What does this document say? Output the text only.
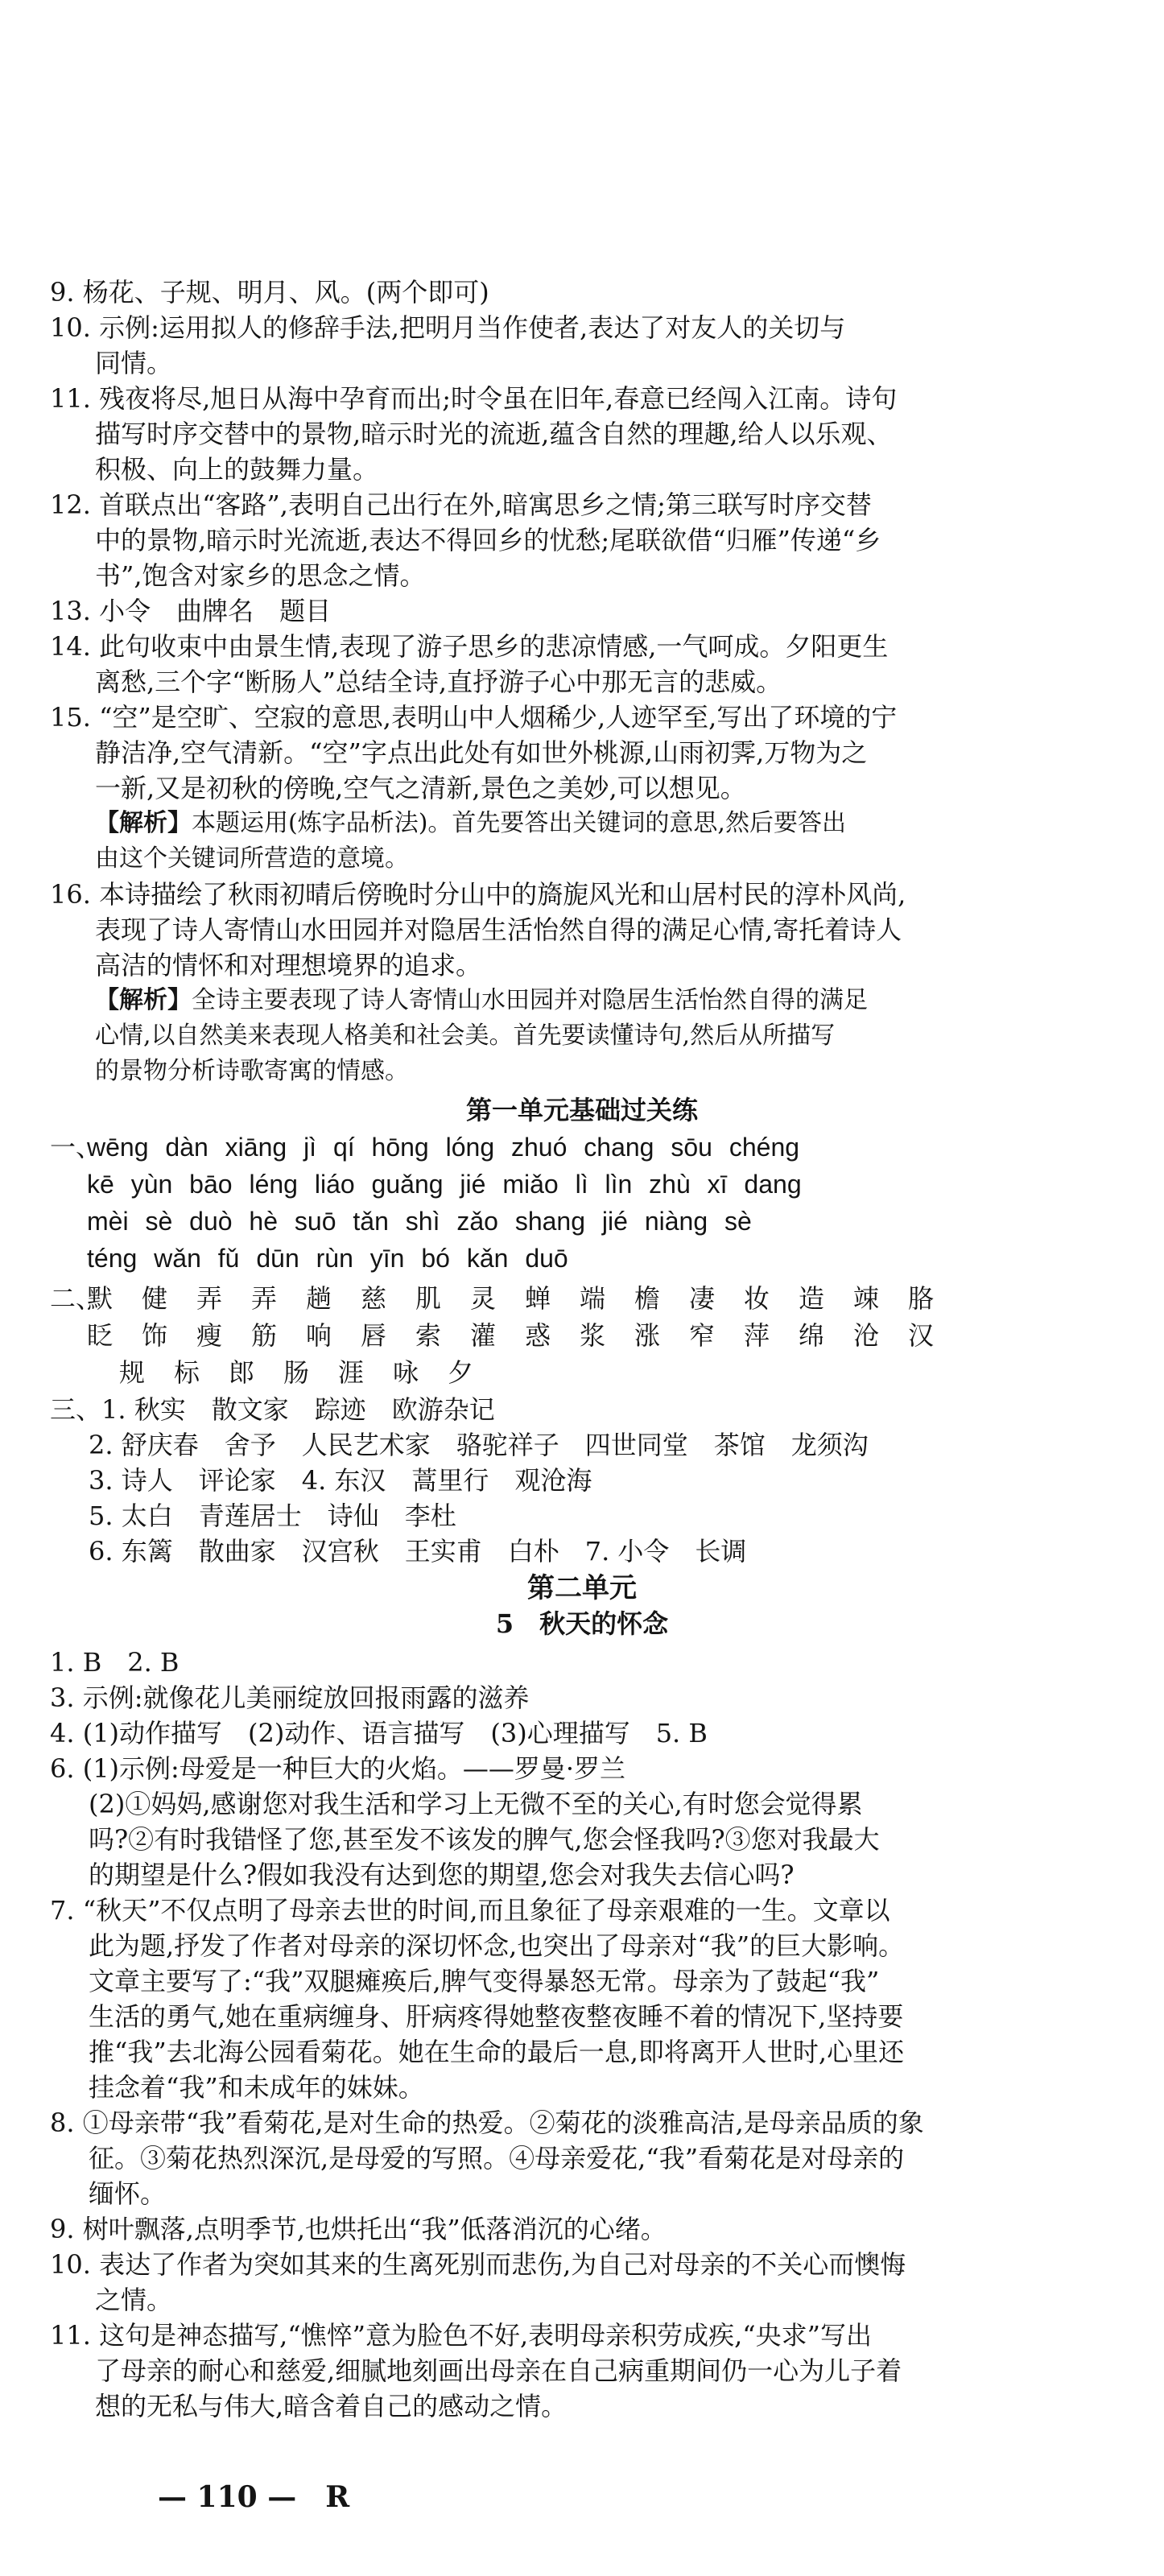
9. 杨花、子规、明月、风。(两个即可)
10. 示例:运用拟人的修辞手法,把明月当作使者,表达了对友人的关切与
同情。
11. 残夜将尽,旭日从海中孕育而出;时令虽在旧年,春意已经闯入江南。诗句
描写时序交替中的景物,暗示时光的流逝,蕴含自然的理趣,给人以乐观、
积极、向上的鼓舞力量。
12. 首联点出“客路”,表明自己出行在外,暗寓思乡之情;第三联写时序交替
中的景物,暗示时光流逝,表达不得回乡的忧愁;尾联欲借“归雁”传递“乡
书”,饱含对家乡的思念之情。
13. 小令　曲牌名　题目
14. 此句收束中由景生情,表现了游子思乡的悲凉情感,一气呵成。夕阳更生
离愁,三个字“断肠人”总结全诗,直抒游子心中那无言的悲威。
15. “空”是空旷、空寂的意思,表明山中人烟稀少,人迹罕至,写出了环境的宁
静洁净,空气清新。“空”字点出此处有如世外桃源,山雨初霁,万物为之
一新,又是初秋的傍晚,空气之清新,景色之美妙,可以想见。
【解析】本题运用(炼字品析法)。首先要答出关键词的意思,然后要答出
由这个关键词所营造的意境。
16. 本诗描绘了秋雨初晴后傍晚时分山中的旖旎风光和山居村民的淳朴风尚,
表现了诗人寄情山水田园并对隐居生活怡然自得的满足心情,寄托着诗人
高洁的情怀和对理想境界的追求。
【解析】全诗主要表现了诗人寄情山水田园并对隐居生活怡然自得的满足
心情,以自然美来表现人格美和社会美。首先要读懂诗句,然后从所描写
的景物分析诗歌寄寓的情感。
第一单元基础过关练
一、
wēng dàn xiāng jì qí hōng lóng zhuó chang sōu chéng
kē yùn bāo léng liáo guǎng jié miǎo lì lìn zhù xī dang
mèi sè duò hè suō tǎn shì zǎo shang jié niàng sè
téng wǎn fǔ dūn rùn yīn bó kǎn duō
二、
默　健　弄　弄　趟　慈　肌　灵　蝉　端　檐　凄　妆　造　竦　胳
眨　饰　瘦　筋　响　唇　索　灌　惑　浆　涨　窄　萍　绵　沧　汉
规　标　郎　肠　涯　咏　夕
三、1. 秋实　散文家　踪迹　欧游杂记
2. 舒庆春　舍予　人民艺术家　骆驼祥子　四世同堂　茶馆　龙须沟
3. 诗人　评论家　4. 东汉　蒿里行　观沧海
5. 太白　青莲居士　诗仙　李杜
6. 东篱　散曲家　汉宫秋　王实甫　白朴　7. 小令　长调
第二单元
5　秋天的怀念
1. B　2. B
3. 示例:就像花儿美丽绽放回报雨露的滋养
4. (1)动作描写　(2)动作、语言描写　(3)心理描写　5. B
6. (1)示例:母爱是一种巨大的火焰。——罗曼·罗兰
(2)①妈妈,感谢您对我生活和学习上无微不至的关心,有时您会觉得累
吗?②有时我错怪了您,甚至发不该发的脾气,您会怪我吗?③您对我最大
的期望是什么?假如我没有达到您的期望,您会对我失去信心吗?
7. “秋天”不仅点明了母亲去世的时间,而且象征了母亲艰难的一生。文章以
此为题,抒发了作者对母亲的深切怀念,也突出了母亲对“我”的巨大影响。
文章主要写了:“我”双腿瘫痪后,脾气变得暴怒无常。母亲为了鼓起“我”
生活的勇气,她在重病缠身、肝病疼得她整夜整夜睡不着的情况下,坚持要
推“我”去北海公园看菊花。她在生命的最后一息,即将离开人世时,心里还
挂念着“我”和未成年的妹妹。
8. ①母亲带“我”看菊花,是对生命的热爱。②菊花的淡雅高洁,是母亲品质的象
征。③菊花热烈深沉,是母爱的写照。④母亲爱花,“我”看菊花是对母亲的
缅怀。
9. 树叶飘落,点明季节,也烘托出“我”低落消沉的心绪。
10. 表达了作者为突如其来的生离死别而悲伤,为自己对母亲的不关心而懊悔
之情。
11. 这句是神态描写,“憔悴”意为脸色不好,表明母亲积劳成疾,“央求”写出
了母亲的耐心和慈爱,细腻地刻画出母亲在自己病重期间仍一心为儿子着
想的无私与伟大,暗含着自己的感动之情。
— 110 —　R
